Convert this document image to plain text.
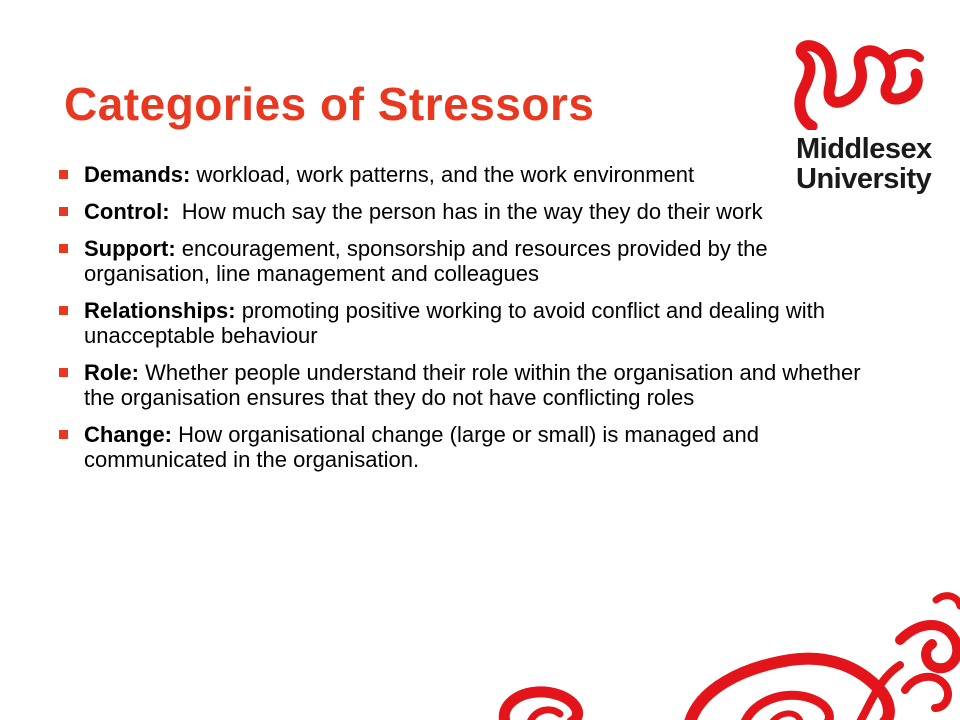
Categories of Stressors
Middlesex
University
Demands: workload, work patterns, and the work environment
Control:  How much say the person has in the way they do their work
Support: encouragement, sponsorship and resources provided by the organisation, line management and colleagues
Relationships: promoting positive working to avoid conflict and dealing with unacceptable behaviour
Role: Whether people understand their role within the organisation and whether the organisation ensures that they do not have conflicting roles
Change: How organisational change (large or small) is managed and communicated in the organisation.
